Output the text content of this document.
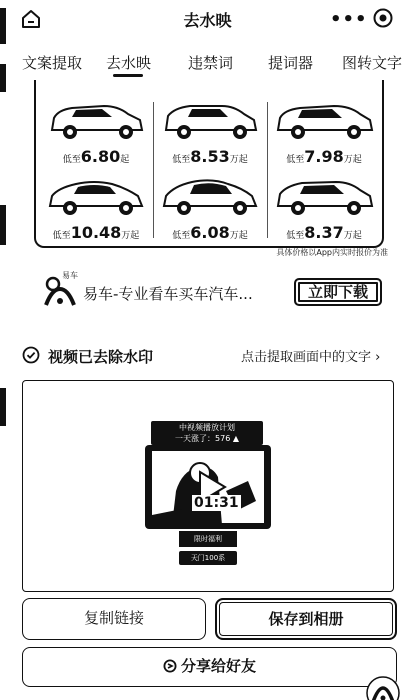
去水映	•••
文案提取 去水映 违禁词 提词器 图转文字
低至6.80起	低至8.53万起	低至7.98万起
低至10.48万起	低至6.08万起	低至8.37万起
具体价格以App内实时报价为准
易车
易车-专业看车买车汽车...	立即下载
视频已去除水印	点击提取画面中的文字 ›
中视频播放计划
一天涨了：576 ▲
01:31
限时福利
天门100系
复制链接	保存到相册
分享给好友
